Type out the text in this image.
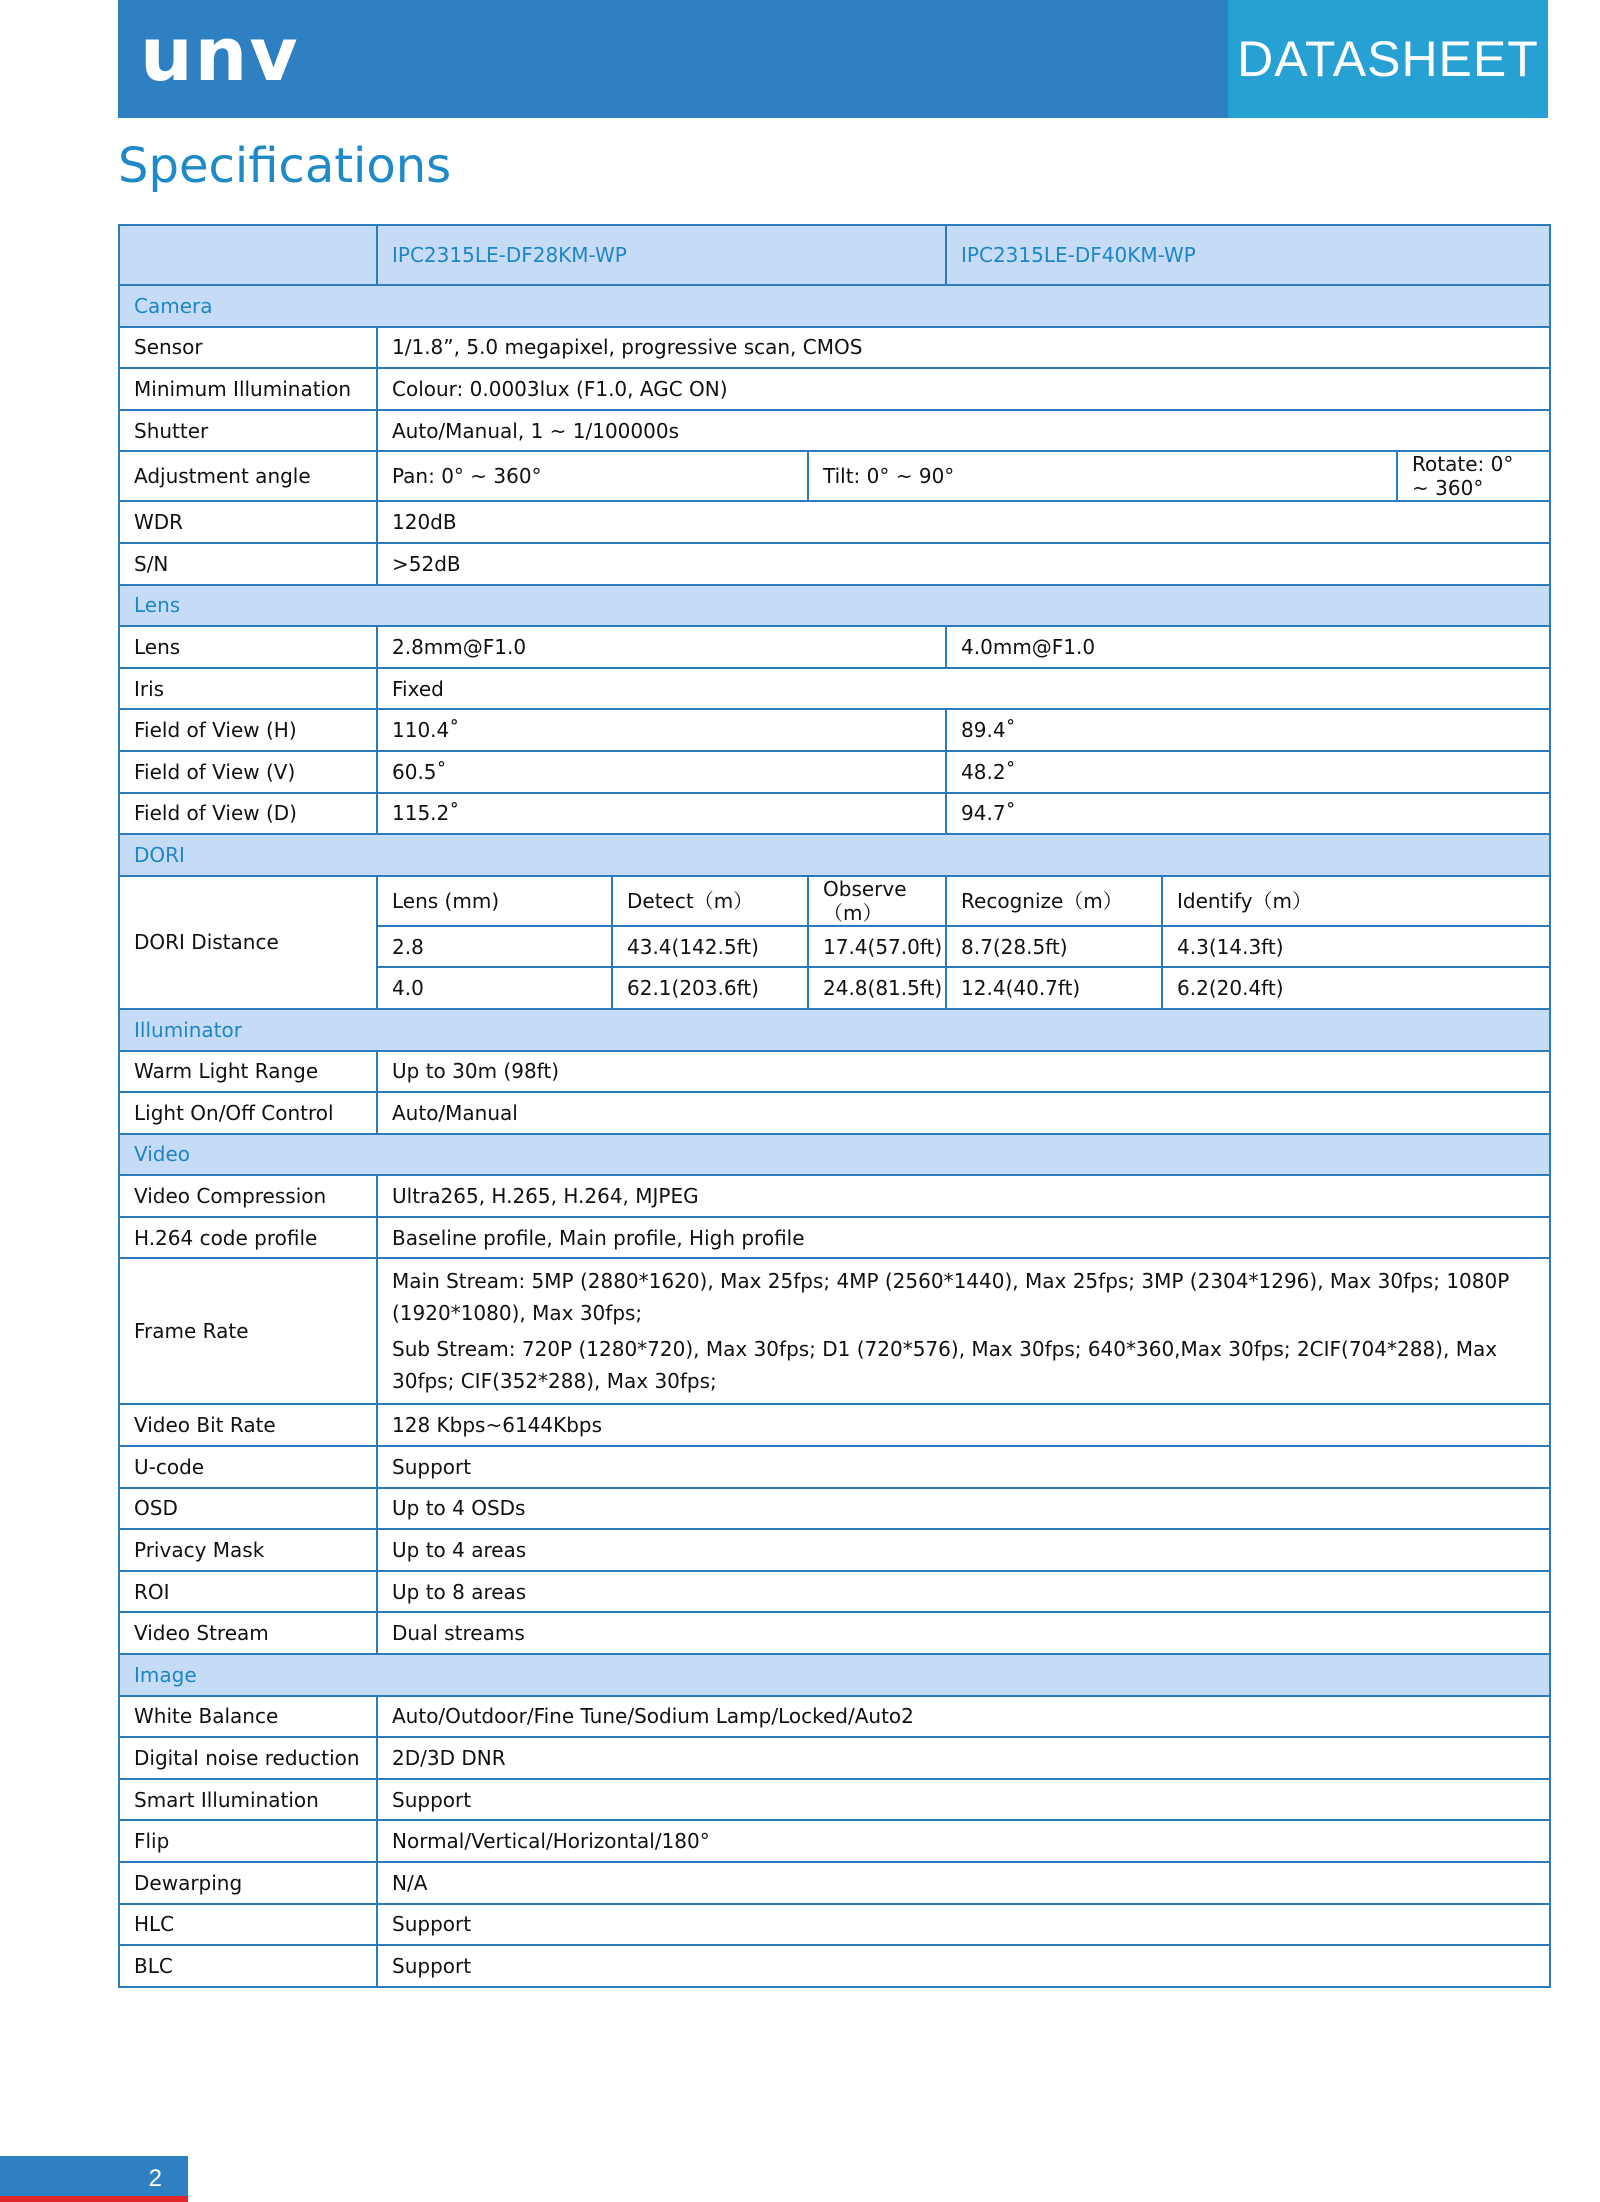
unv	DATASHEET
Specifications
	IPC2315LE-DF28KM-WP			IPC2315LE-DF40KM-WP		
Camera						
Sensor	1/1.8”, 5.0 megapixel, progressive scan, CMOS					
Minimum Illumination	Colour: 0.0003lux (F1.0, AGC ON)					
Shutter	Auto/Manual, 1 ~ 1/100000s					
Adjustment angle	Pan: 0° ~ 360°		Tilt: 0° ~ 90°			Rotate: 0° ~ 360°
WDR	120dB					
S/N	>52dB					
Lens						
Lens	2.8mm@F1.0			4.0mm@F1.0		
Iris	Fixed					
Field of View (H)	110.4˚			89.4˚		
Field of View (V)	60.5˚			48.2˚		
Field of View (D)	115.2˚			94.7˚		
DORI						
DORI Distance	Lens (mm)	Detect（m）	Observe（m）	Recognize（m）	Identify（m）	
	2.8	43.4(142.5ft)	17.4(57.0ft)	8.7(28.5ft)	4.3(14.3ft)	
	4.0	62.1(203.6ft)	24.8(81.5ft)	12.4(40.7ft)	6.2(20.4ft)	
Illuminator						
Warm Light Range	Up to 30m (98ft)					
Light On/Off Control	Auto/Manual					
Video						
Video Compression	Ultra265, H.265, H.264, MJPEG					
H.264 code profile	Baseline profile, Main profile, High profile					
Frame Rate	Main Stream: 5MP (2880*1620), Max 25fps; 4MP (2560*1440), Max 25fps; 3MP (2304*1296), Max 30fps; 1080P (1920*1080), Max 30fps;
Sub Stream: 720P (1280*720), Max 30fps; D1 (720*576), Max 30fps; 640*360,Max 30fps; 2CIF(704*288), Max 30fps; CIF(352*288), Max 30fps;					

Video Bit Rate	128 Kbps~6144Kbps					
U-code	Support					
OSD	Up to 4 OSDs					
Privacy Mask	Up to 4 areas					
ROI	Up to 8 areas					
Video Stream	Dual streams					
Image						
White Balance	Auto/Outdoor/Fine Tune/Sodium Lamp/Locked/Auto2					
Digital noise reduction	2D/3D DNR					
Smart Illumination	Support					
Flip	Normal/Vertical/Horizontal/180°					
Dewarping	N/A					
HLC	Support					
BLC	Support					
2
